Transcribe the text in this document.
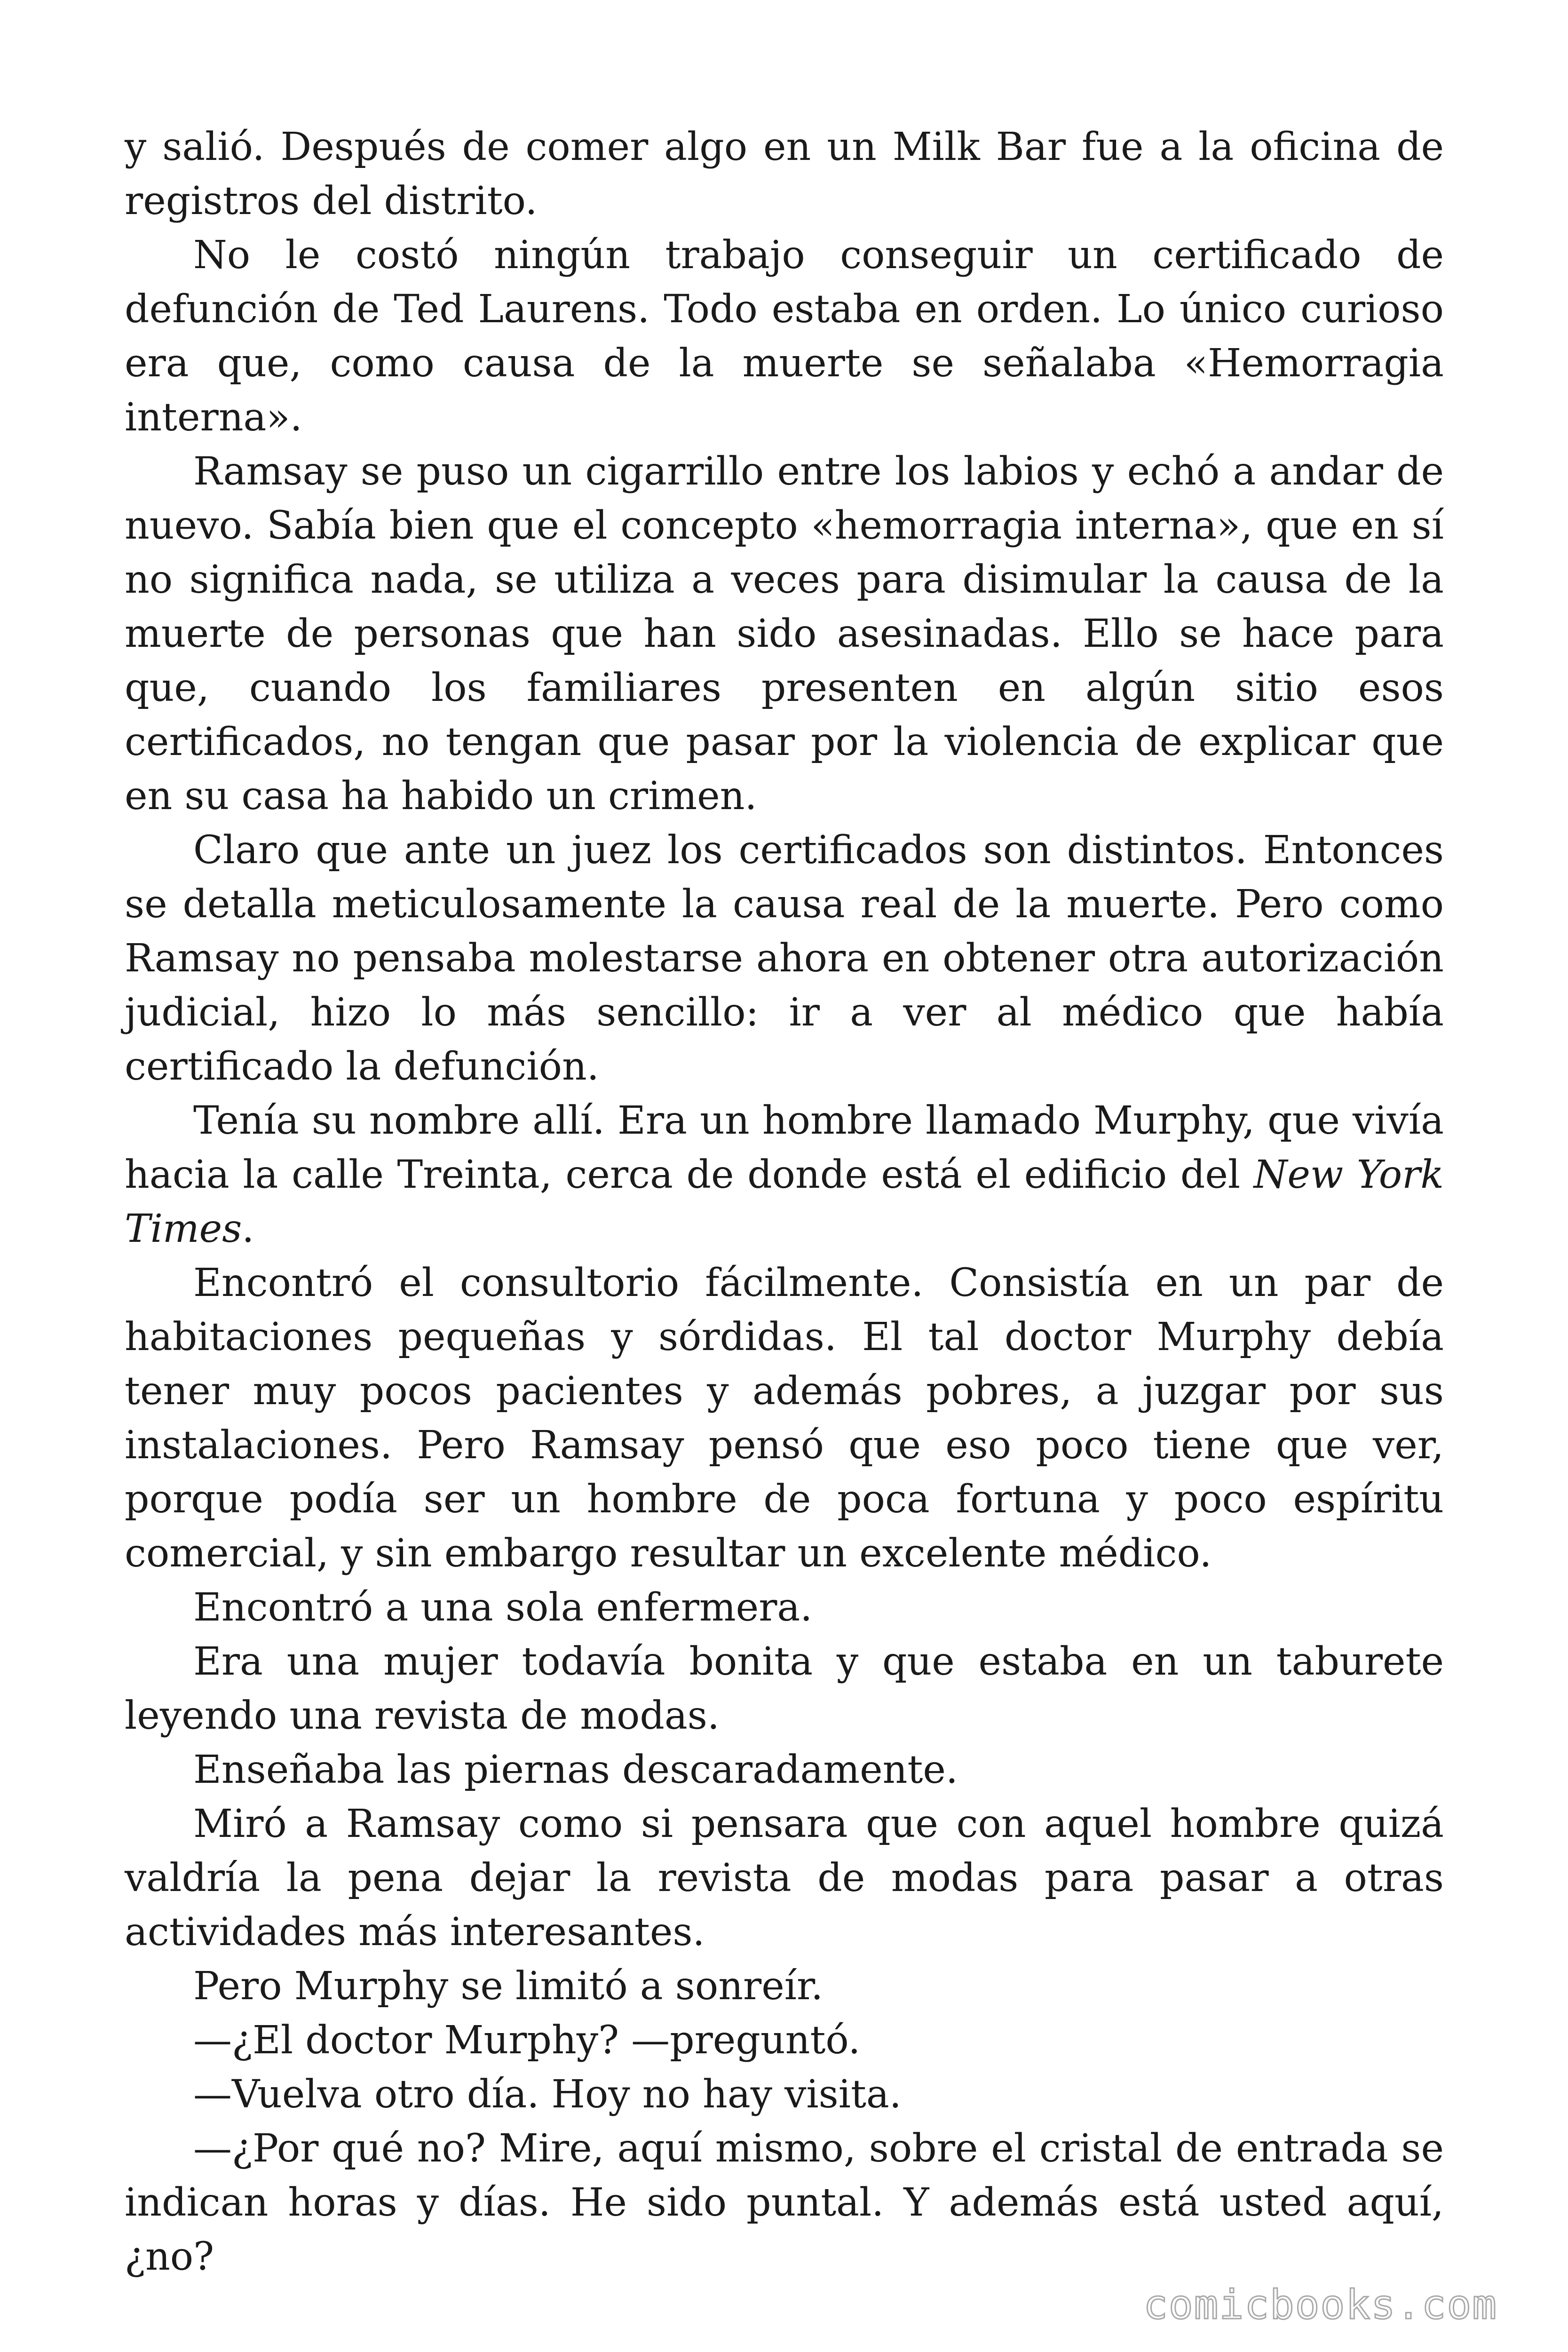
y salió. Después de comer algo en un Milk Bar fue a la oficina de registros del distrito.

No le costó ningún trabajo conseguir un certificado de defunción de Ted Laurens. Todo estaba en orden. Lo único curioso era que, como causa de la muerte se señalaba «Hemorragia interna».

Ramsay se puso un cigarrillo entre los labios y echó a andar de nuevo. Sabía bien que el concepto «hemorragia interna», que en sí no significa nada, se utiliza a veces para disimular la causa de la muerte de personas que han sido asesinadas. Ello se hace para que, cuando los familiares presenten en algún sitio esos certificados, no tengan que pasar por la violencia de explicar que en su casa ha habido un crimen.

Claro que ante un juez los certificados son distintos. Entonces se detalla meticulosamente la causa real de la muerte. Pero como Ramsay no pensaba molestarse ahora en obtener otra autorización judicial, hizo lo más sencillo: ir a ver al médico que había certificado la defunción.

Tenía su nombre allí. Era un hombre llamado Murphy, que vivía hacia la calle Treinta, cerca de donde está el edificio del New York Times.

Encontró el consultorio fácilmente. Consistía en un par de habitaciones pequeñas y sórdidas. El tal doctor Murphy debía tener muy pocos pacientes y además pobres, a juzgar por sus instalaciones. Pero Ramsay pensó que eso poco tiene que ver, porque podía ser un hombre de poca fortuna y poco espíritu comercial, y sin embargo resultar un excelente médico.

Encontró a una sola enfermera.

Era una mujer todavía bonita y que estaba en un taburete leyendo una revista de modas.

Enseñaba las piernas descaradamente.

Miró a Ramsay como si pensara que con aquel hombre quizá valdría la pena dejar la revista de modas para pasar a otras actividades más interesantes.

Pero Murphy se limitó a sonreír.

—¿El doctor Murphy? —preguntó.

—Vuelva otro día. Hoy no hay visita.

—¿Por qué no? Mire, aquí mismo, sobre el cristal de entrada se indican horas y días. He sido puntal. Y además está usted aquí, ¿no?

comicbooks.com
